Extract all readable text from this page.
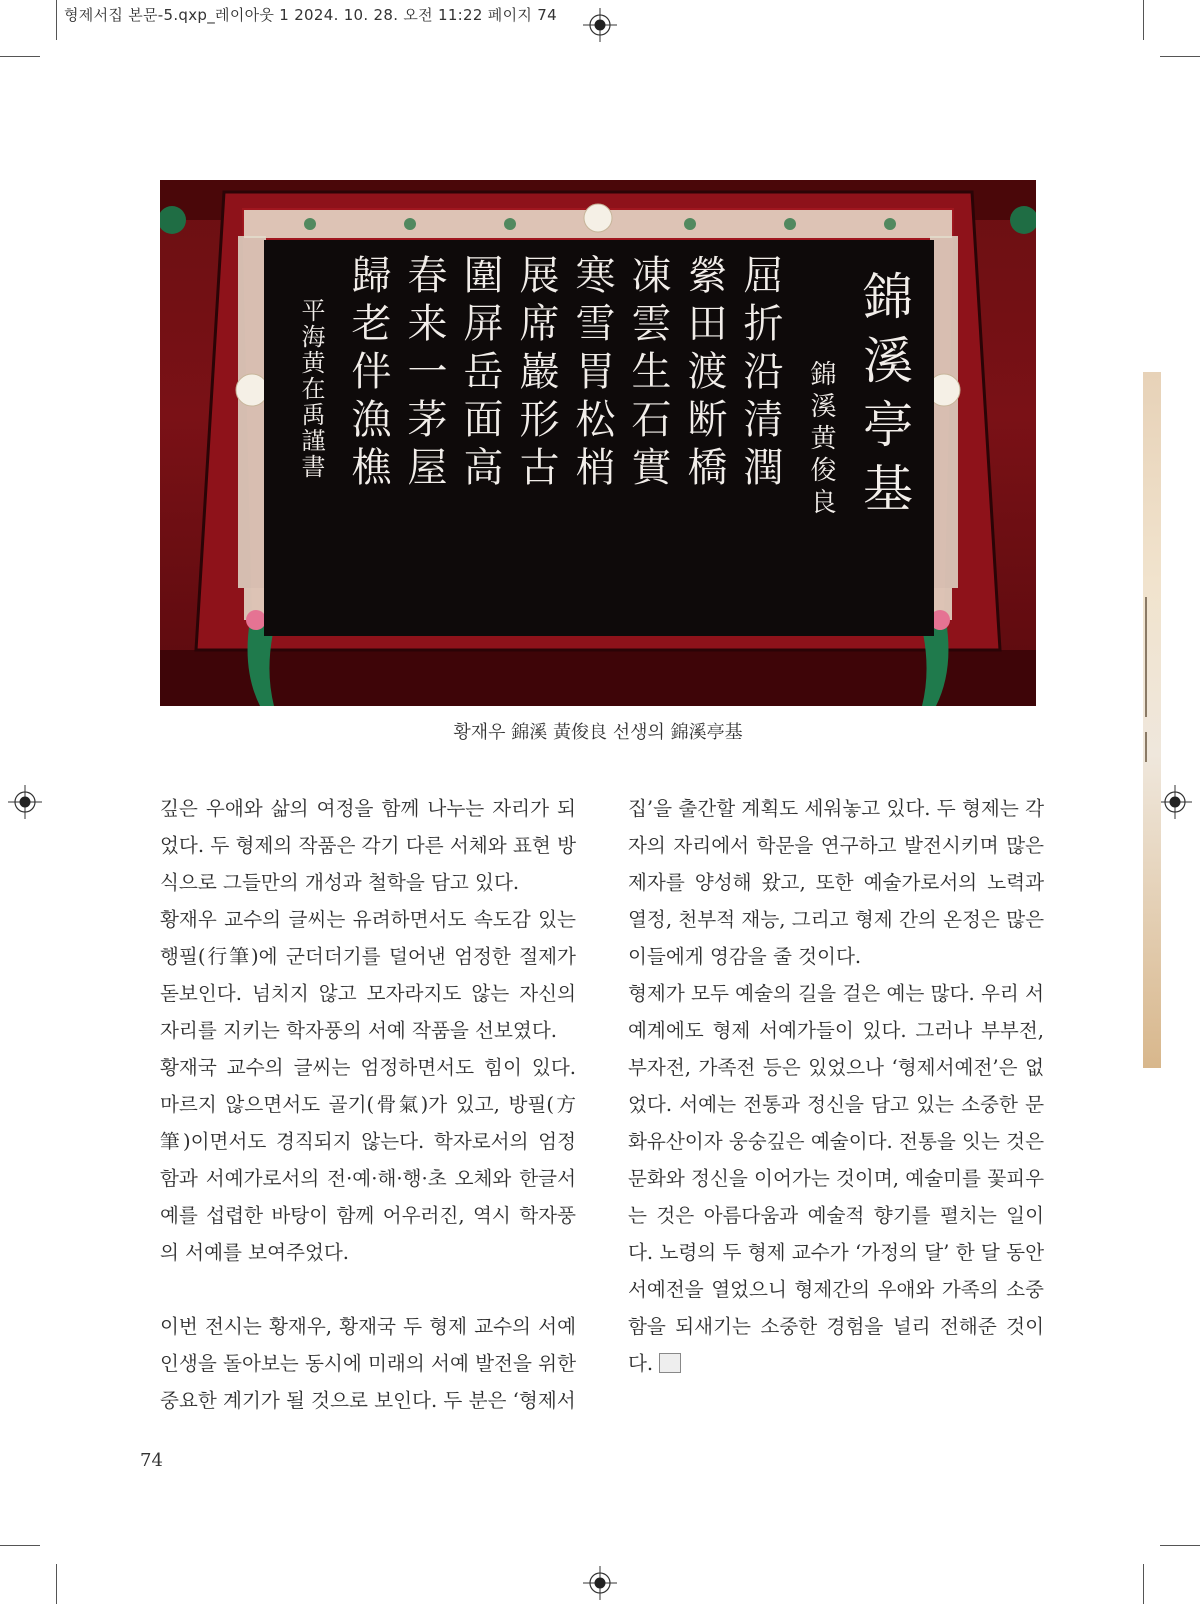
형제서집 본문-5.qxp_레이아웃 1 2024. 10. 28. 오전 11:22 페이지 74
錦溪亭基
錦溪黄俊良
屈折沿清潤
縈田渡断橋
凍雲生石實
寒雪胃松梢
展席巖形古
圍屏岳面高
春来一茅屋
歸老伴漁樵
平海黄在禹謹書
황재우 錦溪 黃俊良 선생의 錦溪亭基

깊은 우애와 삶의 여정을 함께 나누는 자리가 되었다. 두 형제의 작품은 각기 다른 서체와 표현 방식으로 그들만의 개성과 철학을 담고 있다.

황재우 교수의 글씨는 유려하면서도 속도감 있는 행필(行筆)에 군더더기를 덜어낸 엄정한 절제가 돋보인다. 넘치지 않고 모자라지도 않는 자신의 자리를 지키는 학자풍의 서예 작품을 선보였다.

황재국 교수의 글씨는 엄정하면서도 힘이 있다. 마르지 않으면서도 골기(骨氣)가 있고, 방필(方筆)이면서도 경직되지 않는다. 학자로서의 엄정함과 서예가로서의 전·예·해·행·초 오체와 한글서예를 섭렵한 바탕이 함께 어우러진, 역시 학자풍의 서예를 보여주었다.

이번 전시는 황재우, 황재국 두 형제 교수의 서예 인생을 돌아보는 동시에 미래의 서예 발전을 위한 중요한 계기가 될 것으로 보인다. 두 분은 ‘형제서

집’을 출간할 계획도 세워놓고 있다. 두 형제는 각자의 자리에서 학문을 연구하고 발전시키며 많은 제자를 양성해 왔고, 또한 예술가로서의 노력과 열정, 천부적 재능, 그리고 형제 간의 온정은 많은 이들에게 영감을 줄 것이다.

형제가 모두 예술의 길을 걸은 예는 많다. 우리 서예계에도 형제 서예가들이 있다. 그러나 부부전, 부자전, 가족전 등은 있었으나 ‘형제서예전’은 없었다. 서예는 전통과 정신을 담고 있는 소중한 문화유산이자 웅숭깊은 예술이다. 전통을 잇는 것은 문화와 정신을 이어가는 것이며, 예술미를 꽃피우는 것은 아름다움과 예술적 향기를 펼치는 일이다. 노령의 두 형제 교수가 ‘가정의 달’ 한 달 동안 서예전을 열었으니 형제간의 우애와 가족의 소중함을 되새기는 소중한 경험을 널리 전해준 것이다.

74
